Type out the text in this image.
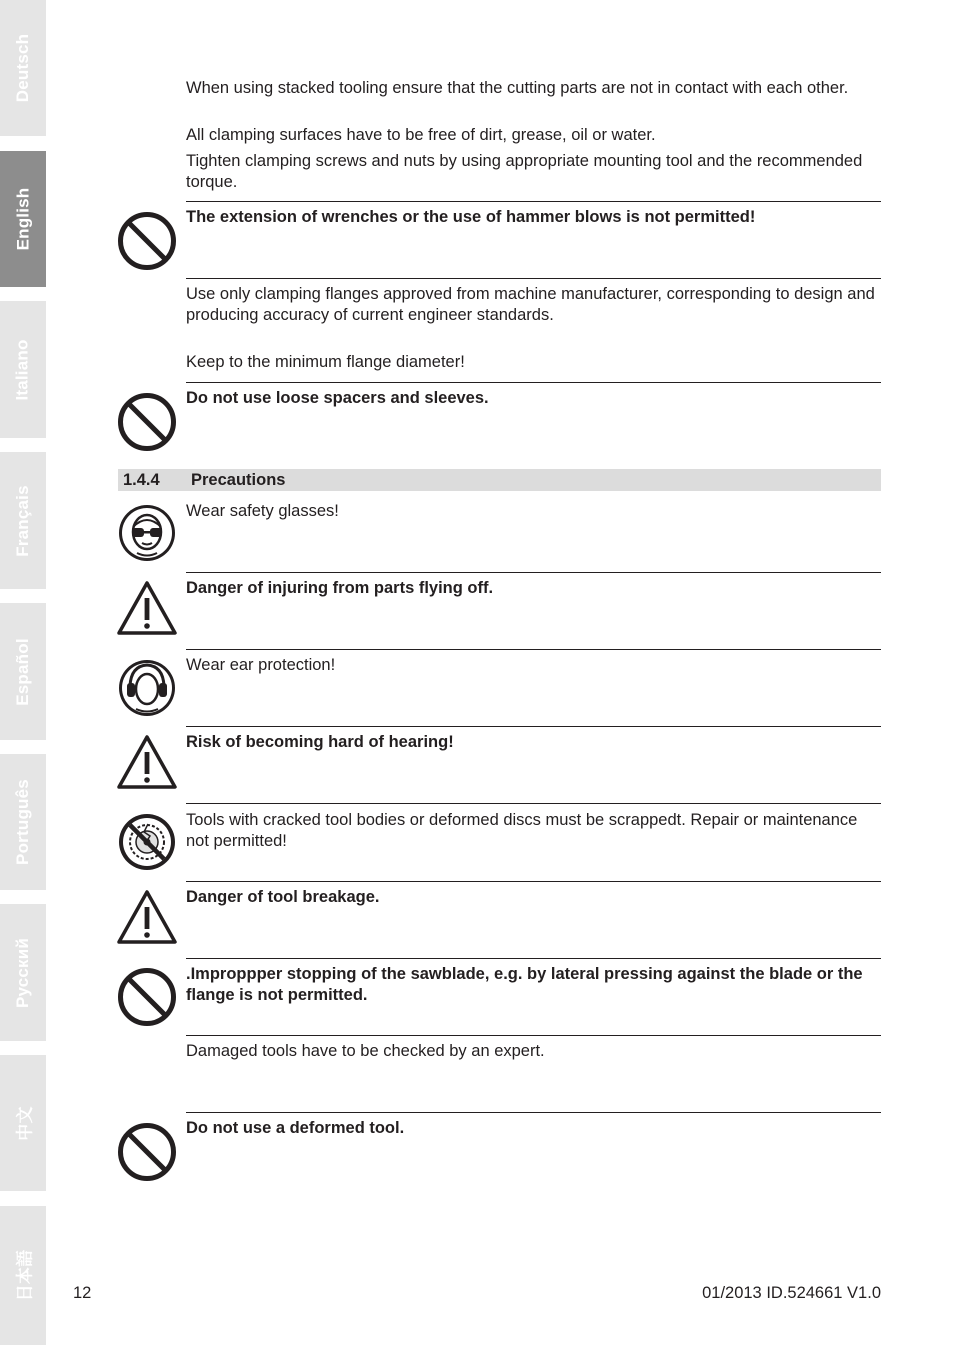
Deutsch
English
Italiano
Français
Español
Português
Русский
中文
日本語

When using stacked tooling ensure that the cutting parts are not in contact with each other.

All clamping surfaces have to be free of dirt, grease, oil or water.

Tighten clamping screws and nuts by using appropriate mounting tool and the recommended torque.

The extension of wrenches or the use of hammer blows is not permitted!

Use only clamping flanges approved from machine manufacturer, corresponding to design and producing accuracy of current engineer standards.

Keep to the minimum flange diameter!

Do not use loose spacers and sleeves.

1.4.4 Precautions

Wear safety glasses!

Danger of injuring from parts flying off.

Wear ear protection!

Risk of becoming hard of hearing!

Tools with cracked tool bodies or deformed discs must be scrappedt. Repair or maintenance not permitted!

Danger of tool breakage.

.Improppper stopping of the sawblade, e.g. by lateral pressing against the blade or the flange is not permitted.

Damaged tools have to be checked by an expert.

Do not use a deformed tool.

12	01/2013 ID.524661 V1.0
